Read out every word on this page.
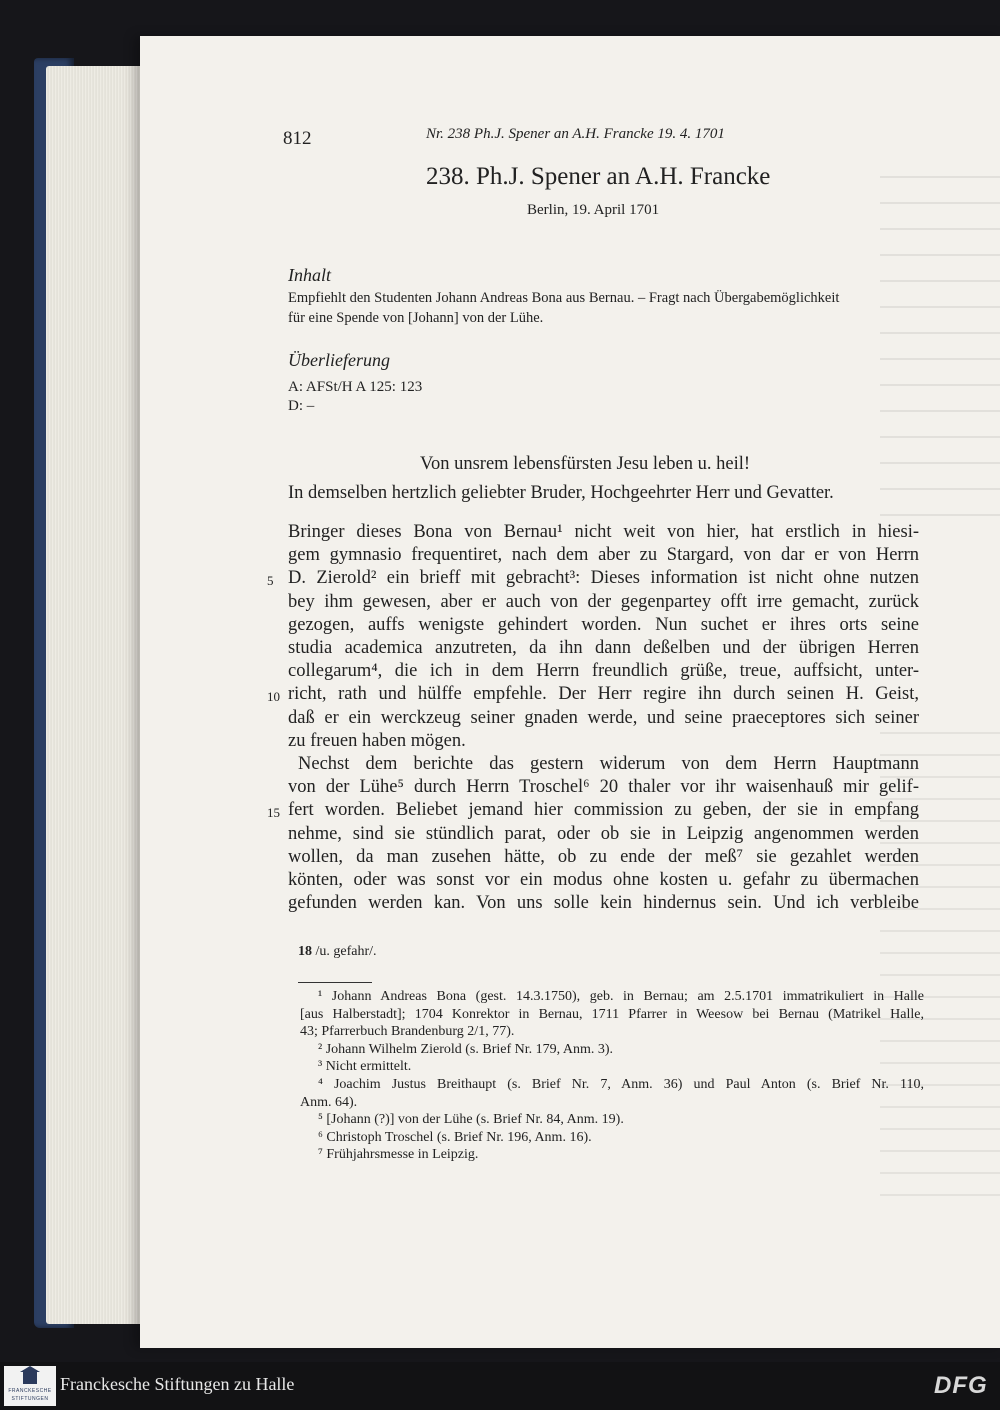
812	Nr. 238 Ph.J. Spener an A.H. Francke 19. 4. 1701
238. Ph.J. Spener an A.H. Francke
Berlin, 19. April 1701
Inhalt
Empfiehlt den Studenten Johann Andreas Bona aus Bernau. – Fragt nach Übergabemöglichkeit
für eine Spende von [Johann] von der Lühe.
Überlieferung
A: AFSt/H A 125: 123
D: –
Von unsrem lebensfürsten Jesu leben u. heil!
In demselben hertzlich geliebter Bruder, Hochgeehrter Herr und Gevatter.
Bringer dieses Bona von Bernau¹ nicht weit von hier, hat erstlich in hiesi-
gem gymnasio frequentiret, nach dem aber zu Stargard, von dar er von Herrn
D. Zierold² ein brieff mit gebracht³: Dieses information ist nicht ohne nutzen
5
bey ihm gewesen, aber er auch von der gegenpartey offt irre gemacht, zurück
gezogen, auffs wenigste gehindert worden. Nun suchet er ihres orts seine
studia academica anzutreten, da ihn dann deßelben und der übrigen Herren
collegarum⁴, die ich in dem Herrn freundlich grüße, treue, auffsicht, unter-
richt, rath und hülffe empfehle. Der Herr regire ihn durch seinen H. Geist,
10
daß er ein werckzeug seiner gnaden werde, und seine praeceptores sich seiner
zu freuen haben mögen.
Nechst dem berichte das gestern widerum von dem Herrn Hauptmann
von der Lühe⁵ durch Herrn Troschel⁶ 20 thaler vor ihr waisenhauß mir gelif-
fert worden. Beliebet jemand hier commission zu geben, der sie in empfang
15
nehme, sind sie stündlich parat, oder ob sie in Leipzig angenommen werden
wollen, da man zusehen hätte, ob zu ende der meß⁷ sie gezahlet werden
könten, oder was sonst vor ein modus ohne kosten u. gefahr zu übermachen
gefunden werden kan. Von uns solle kein hindernus sein. Und ich verbleibe
18 /u. gefahr/.
¹ Johann Andreas Bona (gest. 14.3.1750), geb. in Bernau; am 2.5.1701 immatrikuliert in Halle
[aus Halberstadt]; 1704 Konrektor in Bernau, 1711 Pfarrer in Weesow bei Bernau (Matrikel Halle,
43; Pfarrerbuch Brandenburg 2/1, 77).
² Johann Wilhelm Zierold (s. Brief Nr. 179, Anm. 3).
³ Nicht ermittelt.
⁴ Joachim Justus Breithaupt (s. Brief Nr. 7, Anm. 36) und Paul Anton (s. Brief Nr. 110,
Anm. 64).
⁵ [Johann (?)] von der Lühe (s. Brief Nr. 84, Anm. 19).
⁶ Christoph Troschel (s. Brief Nr. 196, Anm. 16).
⁷ Frühjahrsmesse in Leipzig.
FRANCKESCHE
STIFTUNGEN
Franckesche Stiftungen zu Halle	DFG
